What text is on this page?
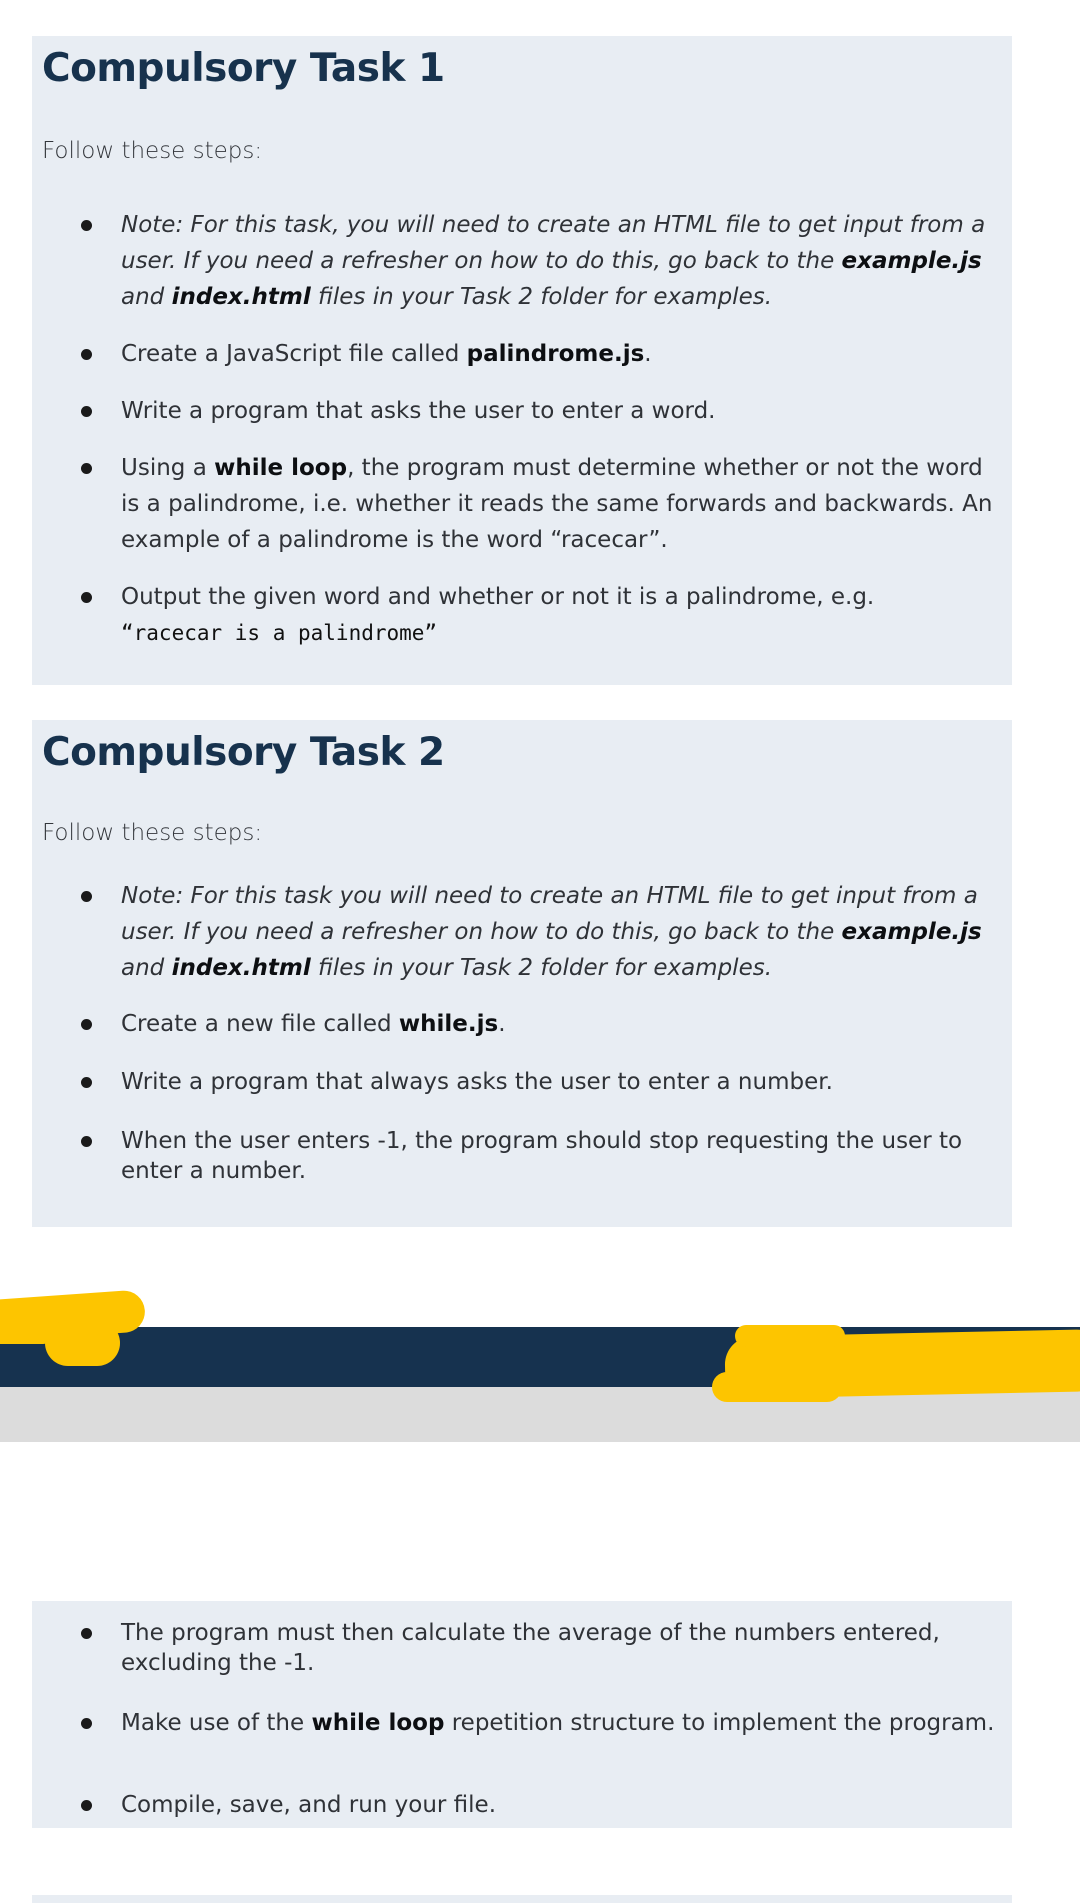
Compulsory Task 1

Follow these steps:

Note: For this task, you will need to create an HTML file to get input from a user. If you need a refresher on how to do this, go back to the example.js and index.html files in your Task 2 folder for examples.
Create a JavaScript file called palindrome.js.
Write a program that asks the user to enter a word.
Using a while loop, the program must determine whether or not the word is a palindrome, i.e. whether it reads the same forwards and backwards. An example of a palindrome is the word “racecar”.
Output the given word and whether or not it is a palindrome, e.g.
“racecar is a palindrome”
Compulsory Task 2

Follow these steps:

Note: For this task you will need to create an HTML file to get input from a user. If you need a refresher on how to do this, go back to the example.js and index.html files in your Task 2 folder for examples.
Create a new file called while.js.
Write a program that always asks the user to enter a number.
When the user enters -1, the program should stop requesting the user to enter a number.
The program must then calculate the average of the numbers entered, excluding the -1.
Make use of the while loop repetition structure to implement the program.
Compile, save, and run your file.
